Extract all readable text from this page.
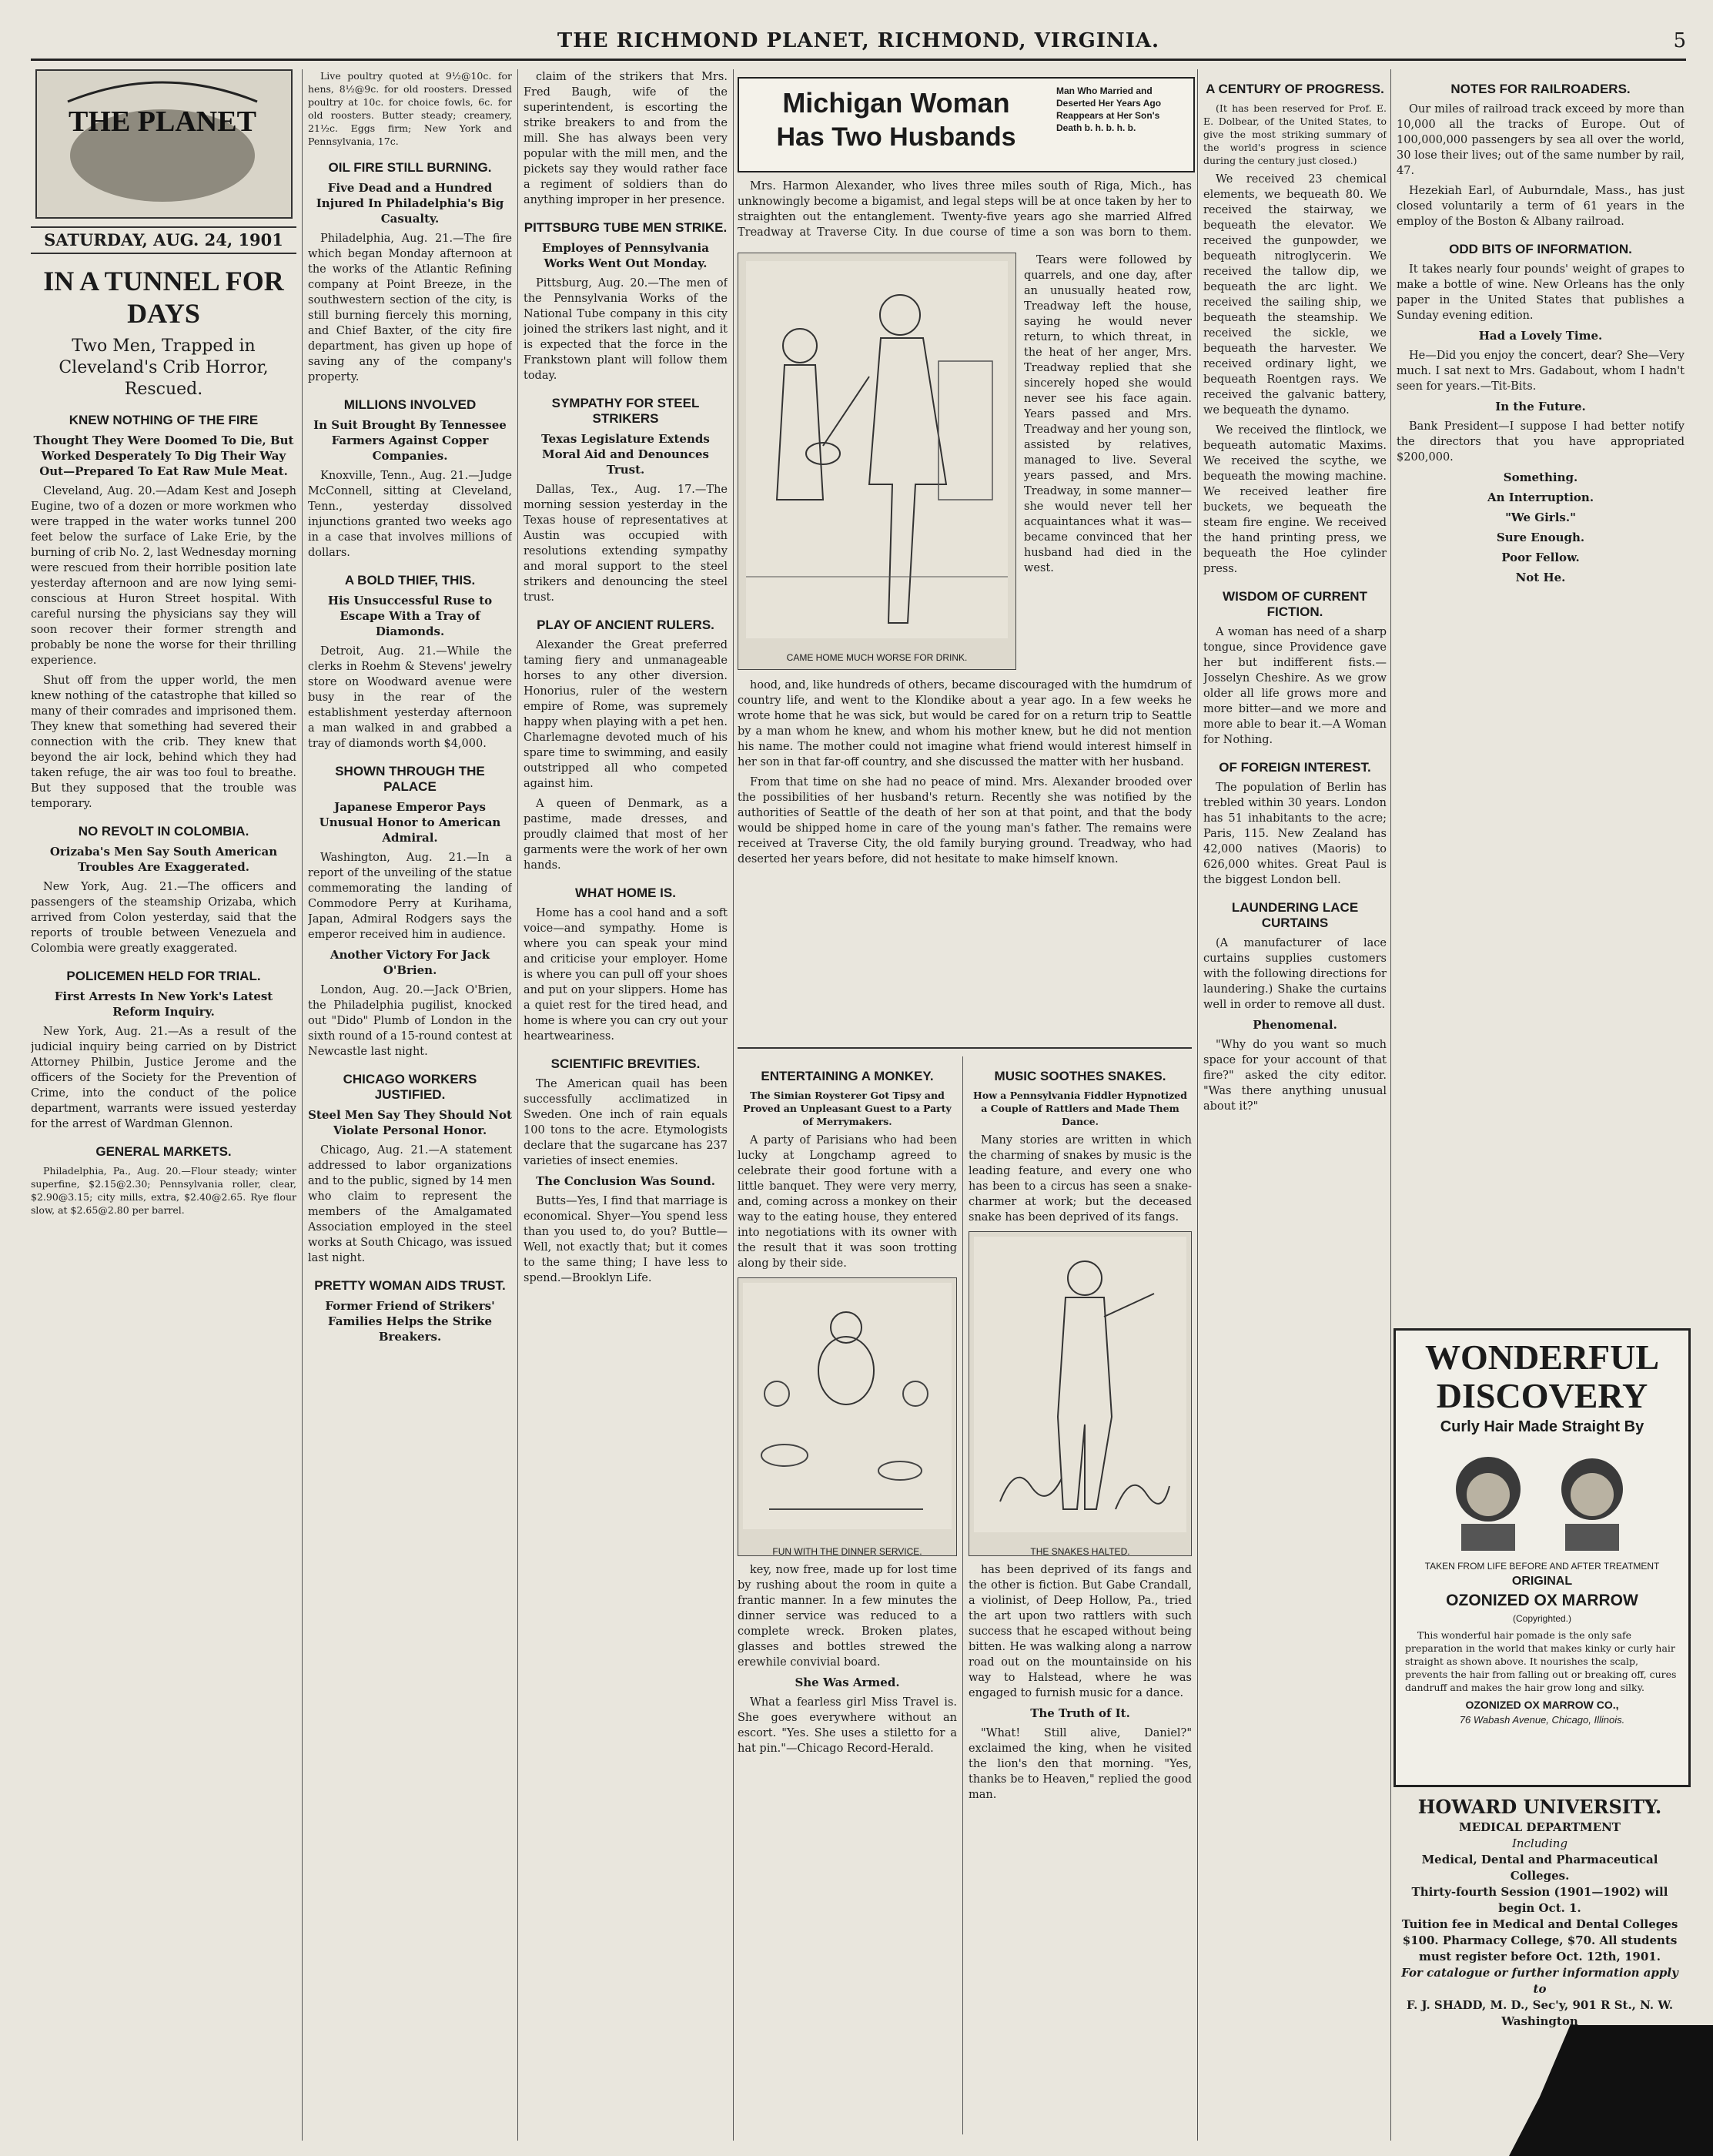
THE RICHMOND PLANET, RICHMOND, VIRGINIA.	5
THE PLANET
SATURDAY, AUG. 24, 1901
IN A TUNNEL FOR DAYS
Two Men, Trapped in Cleveland's Crib Horror, Rescued.
KNEW NOTHING OF THE FIRE
Thought They Were Doomed To Die, But Worked Desperately To Dig Their Way Out—Prepared To Eat Raw Mule Meat.

Cleveland, Aug. 20.—Adam Kest and Joseph Eugine, two of a dozen or more workmen who were trapped in the water works tunnel 200 feet below the surface of Lake Erie, by the burning of crib No. 2, last Wednesday morning were rescued from their horrible position late yesterday afternoon and are now lying semi-conscious at Huron Street hospital. With careful nursing the physicians say they will soon recover their former strength and probably be none the worse for their thrilling experience.

Shut off from the upper world, the men knew nothing of the catastrophe that killed so many of their comrades and imprisoned them. They knew that something had severed their connection with the crib. They knew that beyond the air lock, behind which they had taken refuge, the air was too foul to breathe. But they supposed that the trouble was temporary.

NO REVOLT IN COLOMBIA.
Orizaba's Men Say South American Troubles Are Exaggerated.

New York, Aug. 21.—The officers and passengers of the steamship Orizaba, which arrived from Colon yesterday, said that the reports of trouble between Venezuela and Colombia were greatly exaggerated.

POLICEMEN HELD FOR TRIAL.
First Arrests In New York's Latest Reform Inquiry.

New York, Aug. 21.—As a result of the judicial inquiry being carried on by District Attorney Philbin, Justice Jerome and the officers of the Society for the Prevention of Crime, into the conduct of the police department, warrants were issued yesterday for the arrest of Wardman Glennon.

GENERAL MARKETS.

Philadelphia, Pa., Aug. 20.—Flour steady; winter superfine, $2.15@2.30; Pennsylvania roller, clear, $2.90@3.15; city mills, extra, $2.40@2.65. Rye flour slow, at $2.65@2.80 per barrel.

Live poultry quoted at 9½@10c. for hens, 8½@9c. for old roosters. Dressed poultry at 10c. for choice fowls, 6c. for old roosters. Butter steady; creamery, 21½c. Eggs firm; New York and Pennsylvania, 17c.

OIL FIRE STILL BURNING.
Five Dead and a Hundred Injured In Philadelphia's Big Casualty.

Philadelphia, Aug. 21.—The fire which began Monday afternoon at the works of the Atlantic Refining company at Point Breeze, in the southwestern section of the city, is still burning fiercely this morning, and Chief Baxter, of the city fire department, has given up hope of saving any of the company's property.

MILLIONS INVOLVED
In Suit Brought By Tennessee Farmers Against Copper Companies.

Knoxville, Tenn., Aug. 21.—Judge McConnell, sitting at Cleveland, Tenn., yesterday dissolved injunctions granted two weeks ago in a case that involves millions of dollars.

A BOLD THIEF, THIS.
His Unsuccessful Ruse to Escape With a Tray of Diamonds.

Detroit, Aug. 21.—While the clerks in Roehm & Stevens' jewelry store on Woodward avenue were busy in the rear of the establishment yesterday afternoon a man walked in and grabbed a tray of diamonds worth $4,000.

SHOWN THROUGH THE PALACE
Japanese Emperor Pays Unusual Honor to American Admiral.

Washington, Aug. 21.—In a report of the unveiling of the statue commemorating the landing of Commodore Perry at Kurihama, Japan, Admiral Rodgers says the emperor received him in audience.

Another Victory For Jack O'Brien.

London, Aug. 20.—Jack O'Brien, the Philadelphia pugilist, knocked out "Dido" Plumb of London in the sixth round of a 15-round contest at Newcastle last night.

CHICAGO WORKERS JUSTIFIED.
Steel Men Say They Should Not Violate Personal Honor.

Chicago, Aug. 21.—A statement addressed to labor organizations and to the public, signed by 14 men who claim to represent the members of the Amalgamated Association employed in the steel works at South Chicago, was issued last night.

PRETTY WOMAN AIDS TRUST.
Former Friend of Strikers' Families Helps the Strike Breakers.

claim of the strikers that Mrs. Fred Baugh, wife of the superintendent, is escorting the strike breakers to and from the mill. She has always been very popular with the mill men, and the pickets say they would rather face a regiment of soldiers than do anything improper in her presence.

PITTSBURG TUBE MEN STRIKE.
Employes of Pennsylvania Works Went Out Monday.

Pittsburg, Aug. 20.—The men of the Pennsylvania Works of the National Tube company in this city joined the strikers last night, and it is expected that the force in the Frankstown plant will follow them today.

SYMPATHY FOR STEEL STRIKERS
Texas Legislature Extends Moral Aid and Denounces Trust.

Dallas, Tex., Aug. 17.—The morning session yesterday in the Texas house of representatives at Austin was occupied with resolutions extending sympathy and moral support to the steel strikers and denouncing the steel trust.

PLAY OF ANCIENT RULERS.

Alexander the Great preferred taming fiery and unmanageable horses to any other diversion. Honorius, ruler of the western empire of Rome, was supremely happy when playing with a pet hen. Charlemagne devoted much of his spare time to swimming, and easily outstripped all who competed against him.

A queen of Denmark, as a pastime, made dresses, and proudly claimed that most of her garments were the work of her own hands.

WHAT HOME IS.

Home has a cool hand and a soft voice—and sympathy. Home is where you can speak your mind and criticise your employer. Home is where you can pull off your shoes and put on your slippers. Home has a quiet rest for the tired head, and home is where you can cry out your heartweariness.

SCIENTIFIC BREVITIES.

The American quail has been successfully acclimatized in Sweden. One inch of rain equals 100 tons to the acre. Etymologists declare that the sugarcane has 237 varieties of insect enemies.

The Conclusion Was Sound.

Butts—Yes, I find that marriage is economical. Shyer—You spend less than you used to, do you? Buttle—Well, not exactly that; but it comes to the same thing; I have less to spend.—Brooklyn Life.

Michigan Woman
Has Two Husbands
Man Who Married and Deserted Her Years Ago Reappears at Her Son's Death b. h. b. h. b.

Mrs. Harmon Alexander, who lives three miles south of Riga, Mich., has unknowingly become a bigamist, and legal steps will be at once taken by her to straighten out the entanglement. Twenty-five years ago she married Alfred Treadway at Traverse City. In due course of time a son was born to them.

CAME HOME MUCH WORSE FOR DRINK.

Tears were followed by quarrels, and one day, after an unusually heated row, Treadway left the house, saying he would never return, to which threat, in the heat of her anger, Mrs. Treadway replied that she sincerely hoped she would never see his face again. Years passed and Mrs. Treadway and her young son, assisted by relatives, managed to live. Several years passed, and Mrs. Treadway, in some manner—she would never tell her acquaintances what it was—became convinced that her husband had died in the west.

hood, and, like hundreds of others, became discouraged with the humdrum of country life, and went to the Klondike about a year ago. In a few weeks he wrote home that he was sick, but would be cared for on a return trip to Seattle by a man whom he knew, and whom his mother knew, but he did not mention his name. The mother could not imagine what friend would interest himself in her son in that far-off country, and she discussed the matter with her husband.

From that time on she had no peace of mind. Mrs. Alexander brooded over the possibilities of her husband's return. Recently she was notified by the authorities of Seattle of the death of her son at that point, and that the body would be shipped home in care of the young man's father. The remains were received at Traverse City, the old family burying ground. Treadway, who had deserted her years before, did not hesitate to make himself known.

ENTERTAINING A MONKEY.
The Simian Roysterer Got Tipsy and Proved an Unpleasant Guest to a Party of Merrymakers.

A party of Parisians who had been lucky at Longchamp agreed to celebrate their good fortune with a little banquet. They were very merry, and, coming across a monkey on their way to the eating house, they entered into negotiations with its owner with the result that it was soon trotting along by their side.

FUN WITH THE DINNER SERVICE.

key, now free, made up for lost time by rushing about the room in quite a frantic manner. In a few minutes the dinner service was reduced to a complete wreck. Broken plates, glasses and bottles strewed the erewhile convivial board.

She Was Armed.

What a fearless girl Miss Travel is. She goes everywhere without an escort. "Yes. She uses a stiletto for a hat pin."—Chicago Record-Herald.

MUSIC SOOTHES SNAKES.
How a Pennsylvania Fiddler Hypnotized a Couple of Rattlers and Made Them Dance.

Many stories are written in which the charming of snakes by music is the leading feature, and every one who has been to a circus has seen a snake-charmer at work; but the deceased snake has been deprived of its fangs.

THE SNAKES HALTED.

has been deprived of its fangs and the other is fiction. But Gabe Crandall, a violinist, of Deep Hollow, Pa., tried the art upon two rattlers with such success that he escaped without being bitten. He was walking along a narrow road out on the mountainside on his way to Halstead, where he was engaged to furnish music for a dance.

The Truth of It.

"What! Still alive, Daniel?" exclaimed the king, when he visited the lion's den that morning. "Yes, thanks be to Heaven," replied the good man.

A CENTURY OF PROGRESS.

(It has been reserved for Prof. E. E. Dolbear, of the United States, to give the most striking summary of the world's progress in science during the century just closed.)

We received 23 chemical elements, we bequeath 80. We received the stairway, we bequeath the elevator. We received the gunpowder, we bequeath nitroglycerin. We received the tallow dip, we bequeath the arc light. We received the sailing ship, we bequeath the steamship. We received the sickle, we bequeath the harvester. We received ordinary light, we bequeath Roentgen rays. We received the galvanic battery, we bequeath the dynamo.

We received the flintlock, we bequeath automatic Maxims. We received the scythe, we bequeath the mowing machine. We received leather fire buckets, we bequeath the steam fire engine. We received the hand printing press, we bequeath the Hoe cylinder press.

WISDOM OF CURRENT FICTION.

A woman has need of a sharp tongue, since Providence gave her but indifferent fists.—Josselyn Cheshire. As we grow older all life grows more and more bitter—and we more and more able to bear it.—A Woman for Nothing.

OF FOREIGN INTEREST.

The population of Berlin has trebled within 30 years. London has 51 inhabitants to the acre; Paris, 115. New Zealand has 42,000 natives (Maoris) to 626,000 whites. Great Paul is the biggest London bell.

LAUNDERING LACE CURTAINS

(A manufacturer of lace curtains supplies customers with the following directions for laundering.) Shake the curtains well in order to remove all dust.

Phenomenal.

"Why do you want so much space for your account of that fire?" asked the city editor. "Was there anything unusual about it?"

NOTES FOR RAILROADERS.

Our miles of railroad track exceed by more than 10,000 all the tracks of Europe. Out of 100,000,000 passengers by sea all over the world, 30 lose their lives; out of the same number by rail, 47.

Hezekiah Earl, of Auburndale, Mass., has just closed voluntarily a term of 61 years in the employ of the Boston & Albany railroad.

ODD BITS OF INFORMATION.

It takes nearly four pounds' weight of grapes to make a bottle of wine. New Orleans has the only paper in the United States that publishes a Sunday evening edition.

Had a Lovely Time.

He—Did you enjoy the concert, dear? She—Very much. I sat next to Mrs. Gadabout, whom I hadn't seen for years.—Tit-Bits.

In the Future.

Bank President—I suppose I had better notify the directors that you have appropriated $200,000.

Something.
An Interruption.
"We Girls."
Sure Enough.
Poor Fellow.
Not He.
WONDERFUL DISCOVERY
Curly Hair Made Straight By
TAKEN FROM LIFE BEFORE AND AFTER TREATMENT
ORIGINAL
OZONIZED OX MARROW
(Copyrighted.)

This wonderful hair pomade is the only safe preparation in the world that makes kinky or curly hair straight as shown above. It nourishes the scalp, prevents the hair from falling out or breaking off, cures dandruff and makes the hair grow long and silky.

OZONIZED OX MARROW CO.,
76 Wabash Avenue, Chicago, Illinois.
HOWARD UNIVERSITY.
MEDICAL DEPARTMENT
Including
Medical, Dental and Pharmaceutical Colleges.
Thirty-fourth Session (1901—1902) will begin Oct. 1.
Tuition fee in Medical and Dental Colleges $100. Pharmacy College, $70. All students must register before Oct. 12th, 1901.
For catalogue or further information apply to
F. J. SHADD, M. D., Sec'y, 901 R St., N. W. Washington
